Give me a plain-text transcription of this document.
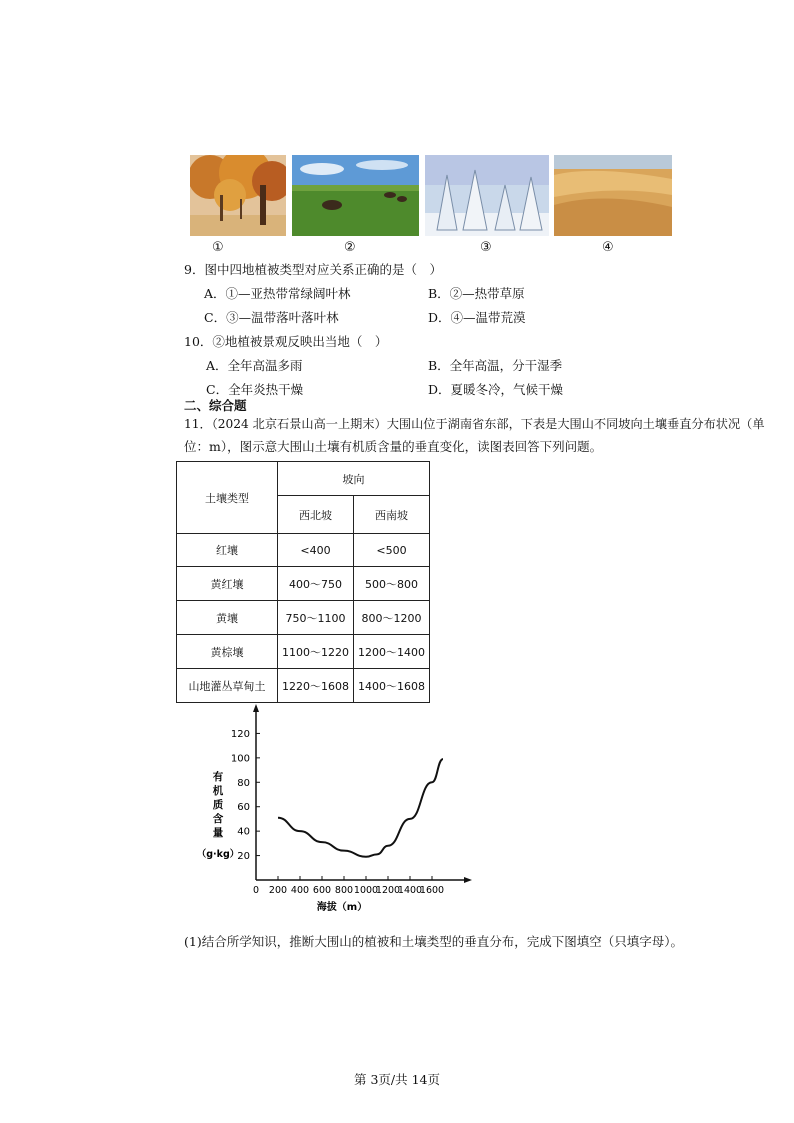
①	②	③	④
9．图中四地植被类型对应关系正确的是（　）
A．①—亚热带常绿阔叶林	B．②—热带草原
C．③—温带落叶落叶林	D．④—温带荒漠
10．②地植被景观反映出当地（　）
A．全年高温多雨	B．全年高温，分干湿季
C．全年炎热干燥	D．夏暖冬冷，气候干燥
二、综合题
11．（2024 北京石景山高一上期末）大围山位于湖南省东部，下表是大围山不同坡向土壤垂直分布状况（单
位：m），图示意大围山土壤有机质含量的垂直变化，读图表回答下列问题。
土壤类型	坡向	
	西北坡	西南坡
红壤	<400	<500
黄红壤	400～750	500～800
黄壤	750～1100	800～1200
黄棕壤	1100～1220	1200～1400
山地灌丛草甸土	1220～1608	1400～1608
20
40
60
80
100
120
0 200 400 600 800 1000
1200
1400
1600
有
机
质
含
量
（g·kg）
海拔（m）
(1)结合所学知识，推断大围山的植被和土壤类型的垂直分布，完成下图填空（只填字母）。
第 3页/共 14页
